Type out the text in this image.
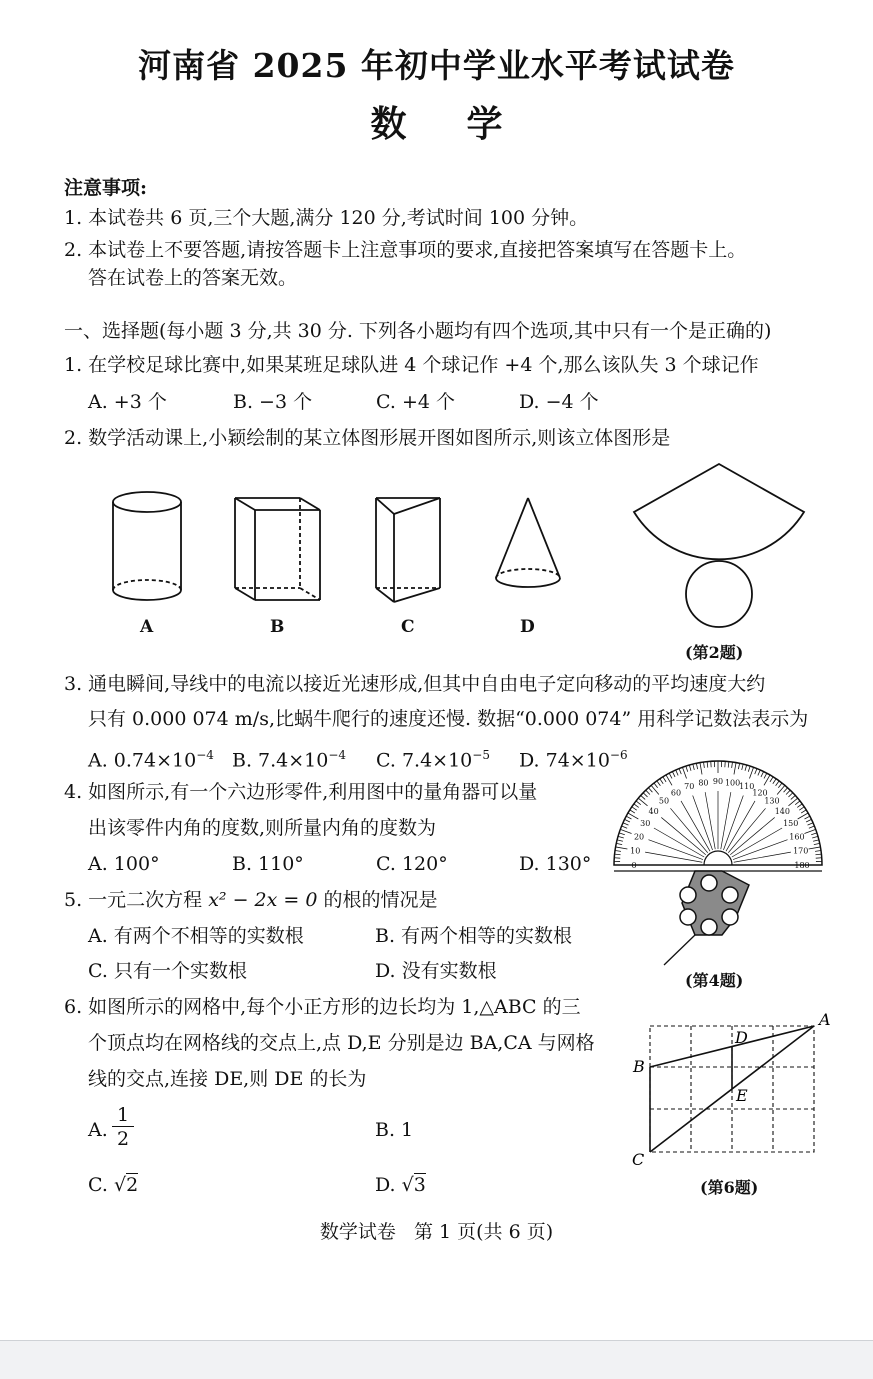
河南省 2025 年初中学业水平考试试卷
数学
注意事项:
1. 本试卷共 6 页,三个大题,满分 120 分,考试时间 100 分钟。
2. 本试卷上不要答题,请按答题卡上注意事项的要求,直接把答案填写在答题卡上。
答在试卷上的答案无效。
一、选择题(每小题 3 分,共 30 分. 下列各小题均有四个选项,其中只有一个是正确的)
1. 在学校足球比赛中,如果某班足球队进 4 个球记作 +4 个,那么该队失 3 个球记作
A. +3 个	B. −3 个	C. +4 个	D. −4 个
2. 数学活动课上,小颖绘制的某立体图形展开图如图所示,则该立体图形是
A	B	C	D
(第2题)
3. 通电瞬间,导线中的电流以接近光速形成,但其中自由电子定向移动的平均速度大约
只有 0.000 074 m/s,比蜗牛爬行的速度还慢. 数据“0.000 074” 用科学记数法表示为
A. $0.74\times 10^{-4}$ B. $7.4\times 10^{-4}$ C. $7.4\times 10^{-5}$ D. $74\times 10^{-6}$
4. 如图所示,有一个六边形零件,利用图中的量角器可以量
出该零件内角的度数,则所量内角的度数为
A. 100°	B. 110°	C. 120°	D. 130°	0
10
20
30
40
50
60
70 80 90 100
110
120
130
140
150
160
170
180
(第4题)
5. 一元二次方程 x² − 2x = 0 的根的情况是
A. 有两个不相等的实数根	B. 有两个相等的实数根
C. 只有一个实数根	D. 没有实数根
6. 如图所示的网格中,每个小正方形的边长均为 1,△ABC 的三
个顶点均在网格线的交点上,点 D,E 分别是边 BA,CA 与网格
线的交点,连接 DE,则 DE 的长为
A. $\frac{1}{2}$	B. 1
C. √2	D. √3
A
B
C
D
E
(第6题)
数学试卷   第 1 页(共 6 页)
